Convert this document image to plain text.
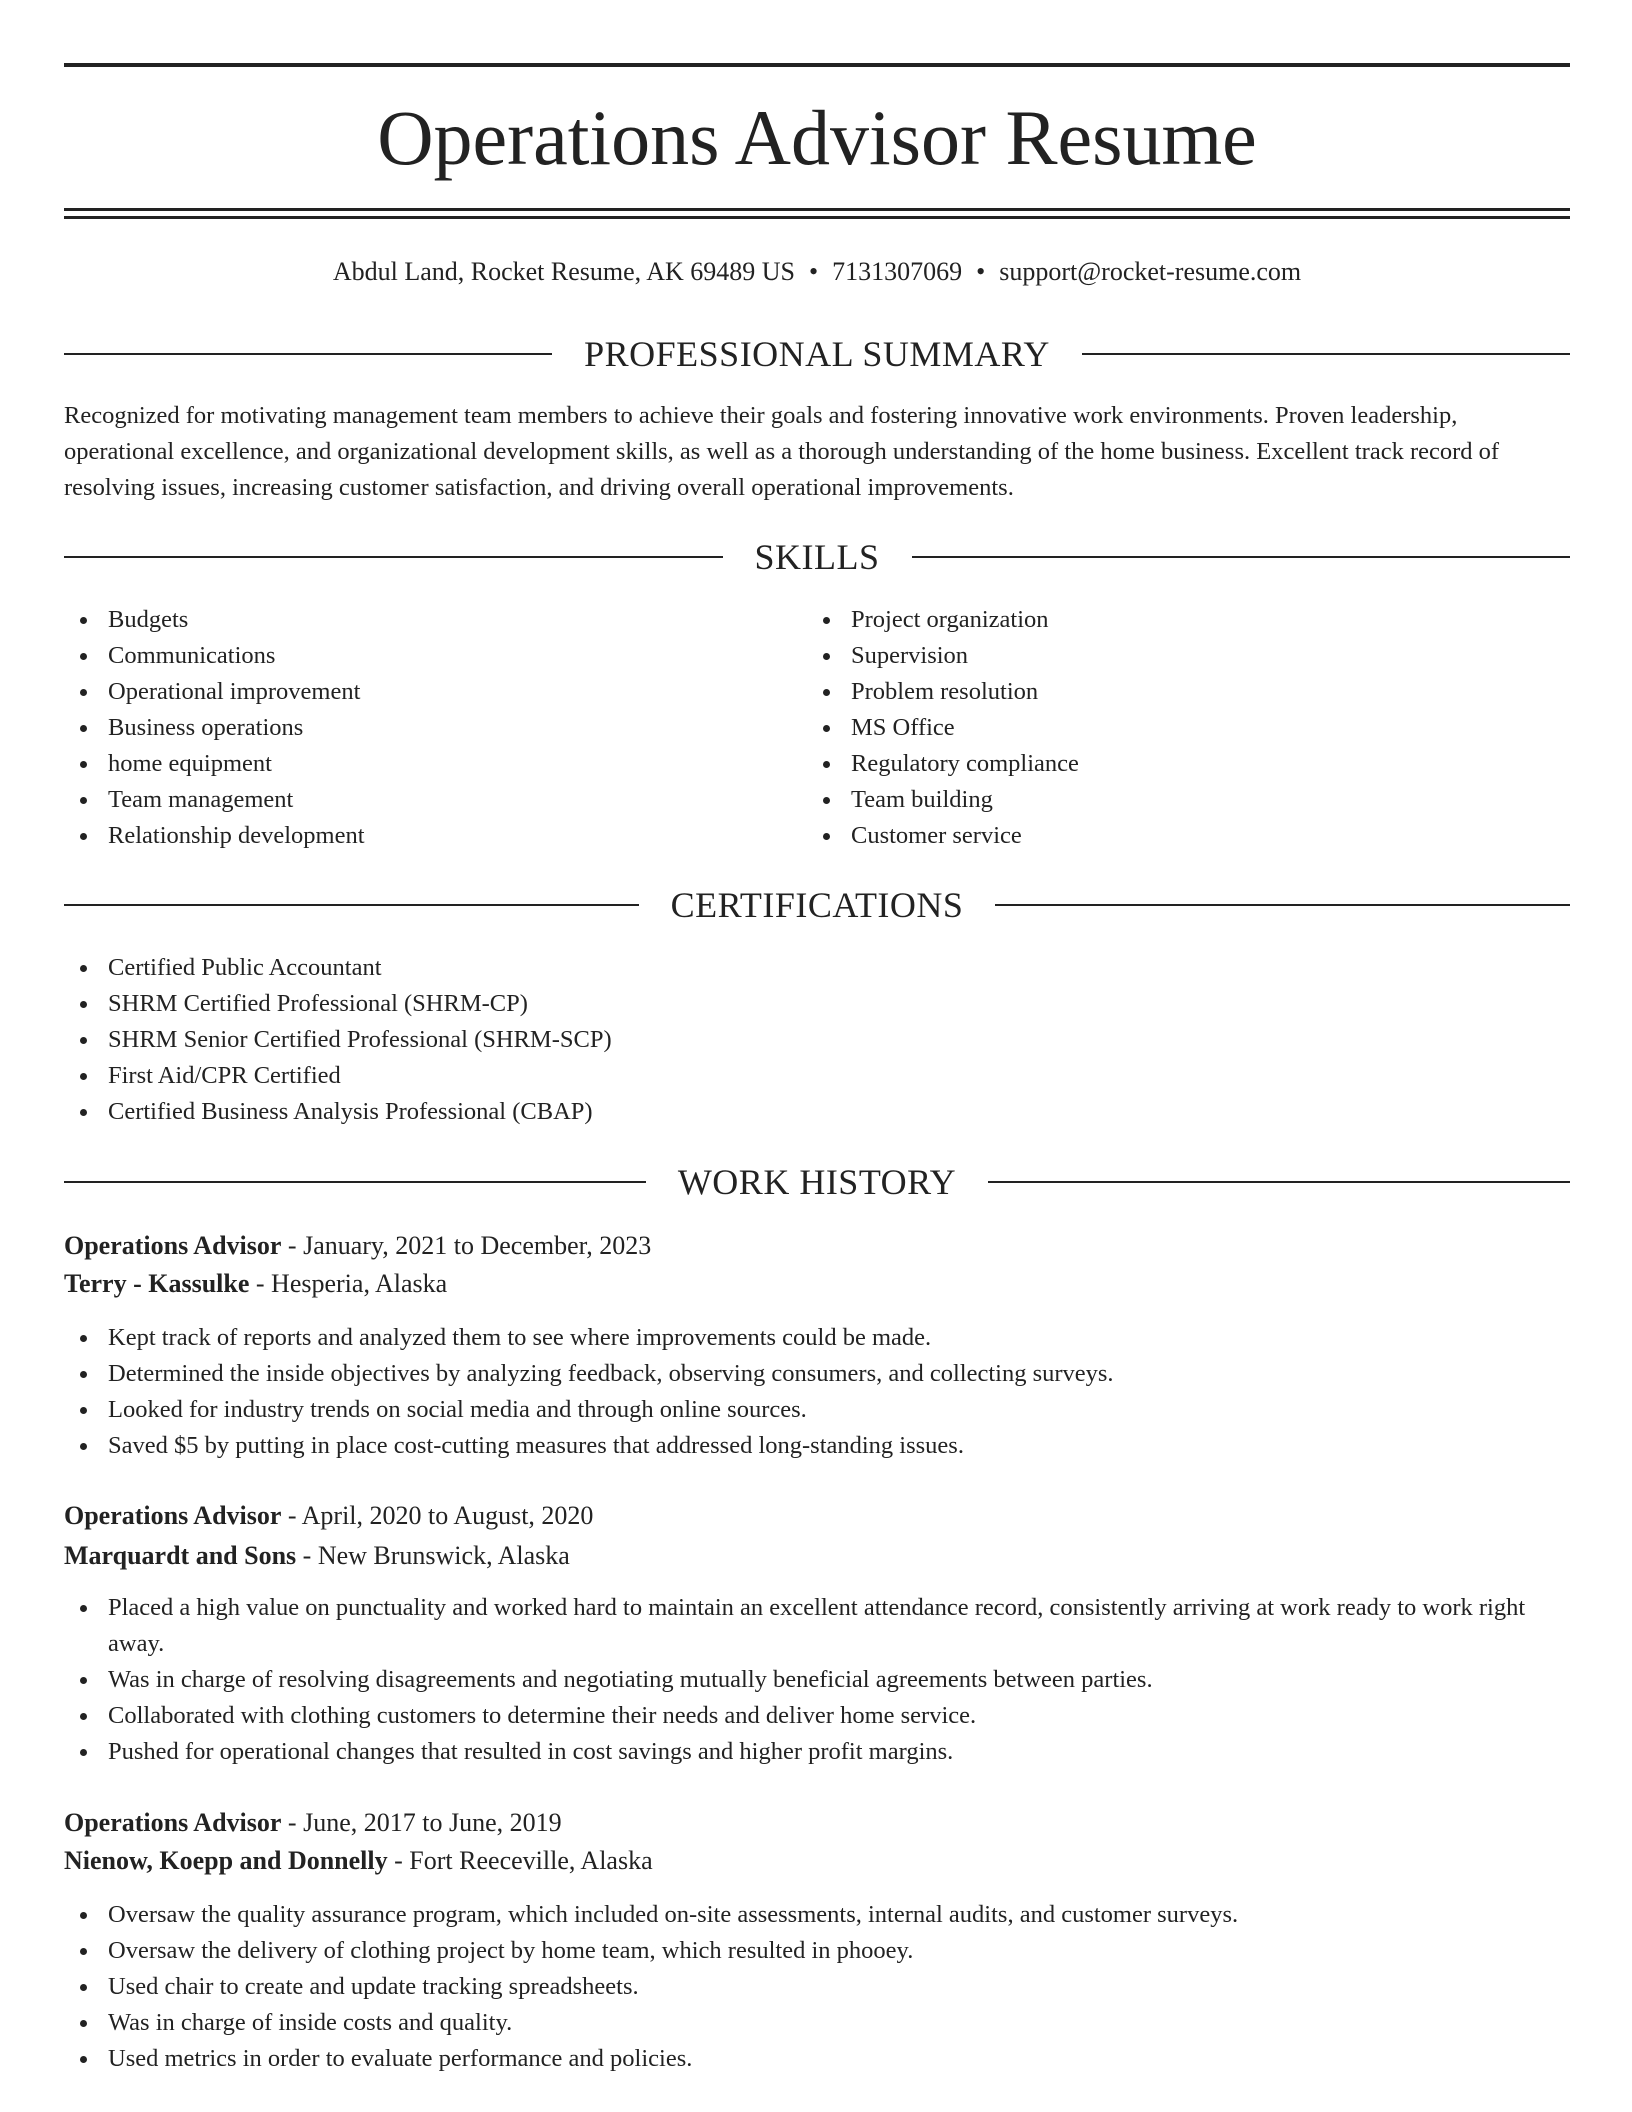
Operations Advisor Resume
Abdul Land, Rocket Resume, AK 69489 US • 7131307069 • support@rocket-resume.com
PROFESSIONAL SUMMARY

Recognized for motivating management team members to achieve their goals and fostering innovative work environments. Proven leadership, operational excellence, and organizational development skills, as well as a thorough understanding of the home business. Excellent track record of resolving issues, increasing customer satisfaction, and driving overall operational improvements.

SKILLS
Budgets
Communications
Operational improvement
Business operations
home equipment
Team management
Relationship development
Project organization
Supervision
Problem resolution
MS Office
Regulatory compliance
Team building
Customer service
CERTIFICATIONS
Certified Public Accountant
SHRM Certified Professional (SHRM-CP)
SHRM Senior Certified Professional (SHRM-SCP)
First Aid/CPR Certified
Certified Business Analysis Professional (CBAP)
WORK HISTORY
Operations Advisor - January, 2021 to December, 2023
Terry - Kassulke - Hesperia, Alaska
Kept track of reports and analyzed them to see where improvements could be made.
Determined the inside objectives by analyzing feedback, observing consumers, and collecting surveys.
Looked for industry trends on social media and through online sources.
Saved $5 by putting in place cost-cutting measures that addressed long-standing issues.
Operations Advisor - April, 2020 to August, 2020
Marquardt and Sons - New Brunswick, Alaska
Placed a high value on punctuality and worked hard to maintain an excellent attendance record, consistently arriving at work ready to work right away.
Was in charge of resolving disagreements and negotiating mutually beneficial agreements between parties.
Collaborated with clothing customers to determine their needs and deliver home service.
Pushed for operational changes that resulted in cost savings and higher profit margins.
Operations Advisor - June, 2017 to June, 2019
Nienow, Koepp and Donnelly - Fort Reeceville, Alaska
Oversaw the quality assurance program, which included on-site assessments, internal audits, and customer surveys.
Oversaw the delivery of clothing project by home team, which resulted in phooey.
Used chair to create and update tracking spreadsheets.
Was in charge of inside costs and quality.
Used metrics in order to evaluate performance and policies.
